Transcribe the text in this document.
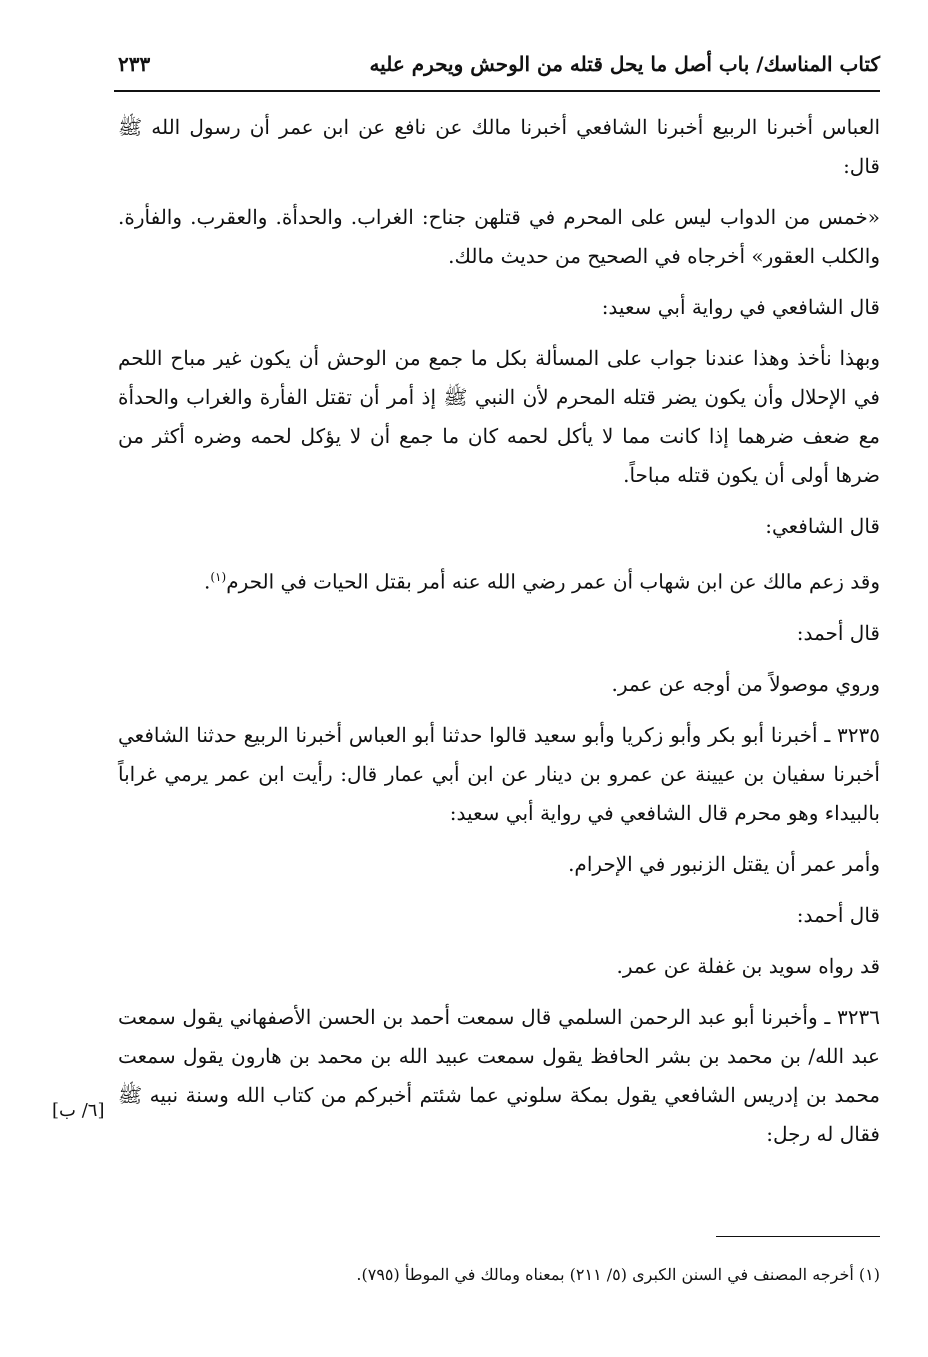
كتاب المناسك/ باب أصل ما يحل قتله من الوحش ويحرم عليه
٢٣٣

العباس أخبرنا الربيع أخبرنا الشافعي أخبرنا مالك عن نافع عن ابن عمر أن رسول الله ﷺ قال:

«خمس من الدواب ليس على المحرم في قتلهن جناح: الغراب. والحدأة. والعقرب. والفأرة. والكلب العقور» أخرجاه في الصحيح من حديث مالك.

قال الشافعي في رواية أبي سعيد:

وبهذا نأخذ وهذا عندنا جواب على المسألة بكل ما جمع من الوحش أن يكون غير مباح اللحم في الإحلال وأن يكون يضر قتله المحرم لأن النبي ﷺ إذ أمر أن تقتل الفأرة والغراب والحدأة مع ضعف ضرهما إذا كانت مما لا يأكل لحمه كان ما جمع أن لا يؤكل لحمه وضره أكثر من ضرها أولى أن يكون قتله مباحاً.

قال الشافعي:

وقد زعم مالك عن ابن شهاب أن عمر رضي الله عنه أمر بقتل الحيات في الحرم$^{(١)}$.

قال أحمد:

وروي موصولاً من أوجه عن عمر.

٣٢٣٥ ـ أخبرنا أبو بكر وأبو زكريا وأبو سعيد قالوا حدثنا أبو العباس أخبرنا الربيع حدثنا الشافعي أخبرنا سفيان بن عيينة عن عمرو بن دينار عن ابن أبي عمار قال: رأيت ابن عمر يرمي غراباً بالبيداء وهو محرم قال الشافعي في رواية أبي سعيد:

وأمر عمر أن يقتل الزنبور في الإحرام.

قال أحمد:

قد رواه سويد بن غفلة عن عمر.

٣٢٣٦ ـ وأخبرنا أبو عبد الرحمن السلمي قال سمعت أحمد بن الحسن الأصفهاني يقول سمعت عبد الله/ بن محمد بن بشر الحافظ يقول سمعت عبيد الله بن محمد بن هارون يقول سمعت محمد بن إدريس الشافعي يقول بمكة سلوني عما شئتم أخبركم من كتاب الله وسنة نبيه ﷺ فقال له رجل:

[٦/ ب]
(١) أخرجه المصنف في السنن الكبرى (٥/ ٢١١) بمعناه ومالك في الموطأ (٧٩٥).
